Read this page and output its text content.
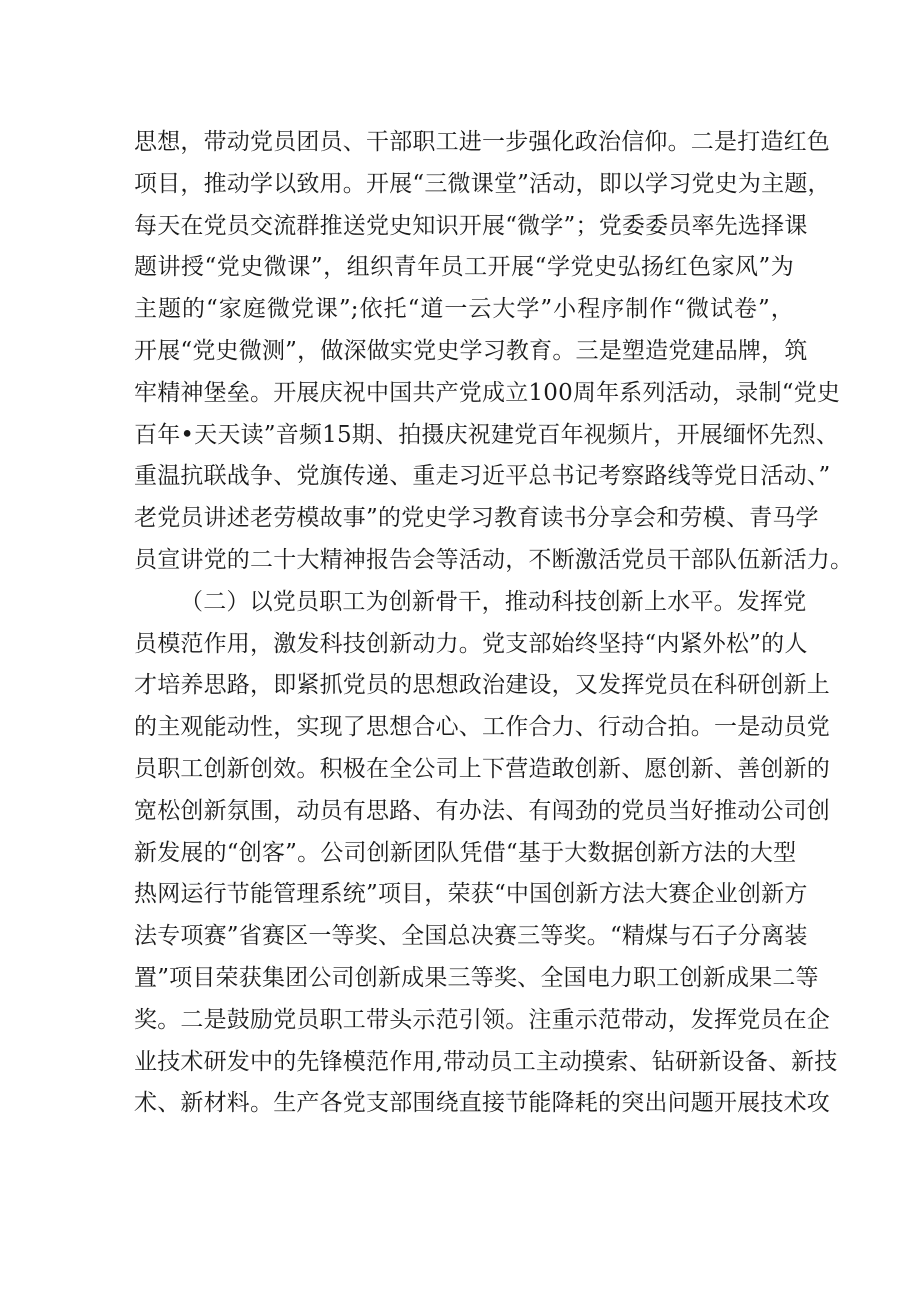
思想，带动党员团员、干部职工进一步强化政治信仰。二是打造红色
项目，推动学以致用。开展“三微课堂”活动，即以学习党史为主题，
每天在党员交流群推送党史知识开展“微学”；党委委员率先选择课
题讲授“党史微课”，组织青年员工开展“学党史弘扬红色家风”为
主题的“家庭微党课”;依托“道一云大学”小程序制作“微试卷”，
开展“党史微测”，做深做实党史学习教育。三是塑造党建品牌，筑
牢精神堡垒。开展庆祝中国共产党成立100周年系列活动，录制“党史
百年•天天读”音频15期、拍摄庆祝建党百年视频片，开展缅怀先烈、
重温抗联战争、党旗传递、重走习近平总书记考察路线等党日活动、”
老党员讲述老劳模故事”的党史学习教育读书分享会和劳模、青马学
员宣讲党的二十大精神报告会等活动，不断激活党员干部队伍新活力。
（二）以党员职工为创新骨干，推动科技创新上水平。发挥党
员模范作用，激发科技创新动力。党支部始终坚持“内紧外松”的人
才培养思路，即紧抓党员的思想政治建设，又发挥党员在科研创新上
的主观能动性，实现了思想合心、工作合力、行动合拍。一是动员党
员职工创新创效。积极在全公司上下营造敢创新、愿创新、善创新的
宽松创新氛围，动员有思路、有办法、有闯劲的党员当好推动公司创
新发展的“创客”。公司创新团队凭借“基于大数据创新方法的大型
热网运行节能管理系统”项目，荣获“中国创新方法大赛企业创新方
法专项赛”省赛区一等奖、全国总决赛三等奖。“精煤与石子分离装
置”项目荣获集团公司创新成果三等奖、全国电力职工创新成果二等
奖。二是鼓励党员职工带头示范引领。注重示范带动，发挥党员在企
业技术研发中的先锋模范作用,带动员工主动摸索、钻研新设备、新技
术、新材料。生产各党支部围绕直接节能降耗的突出问题开展技术攻
